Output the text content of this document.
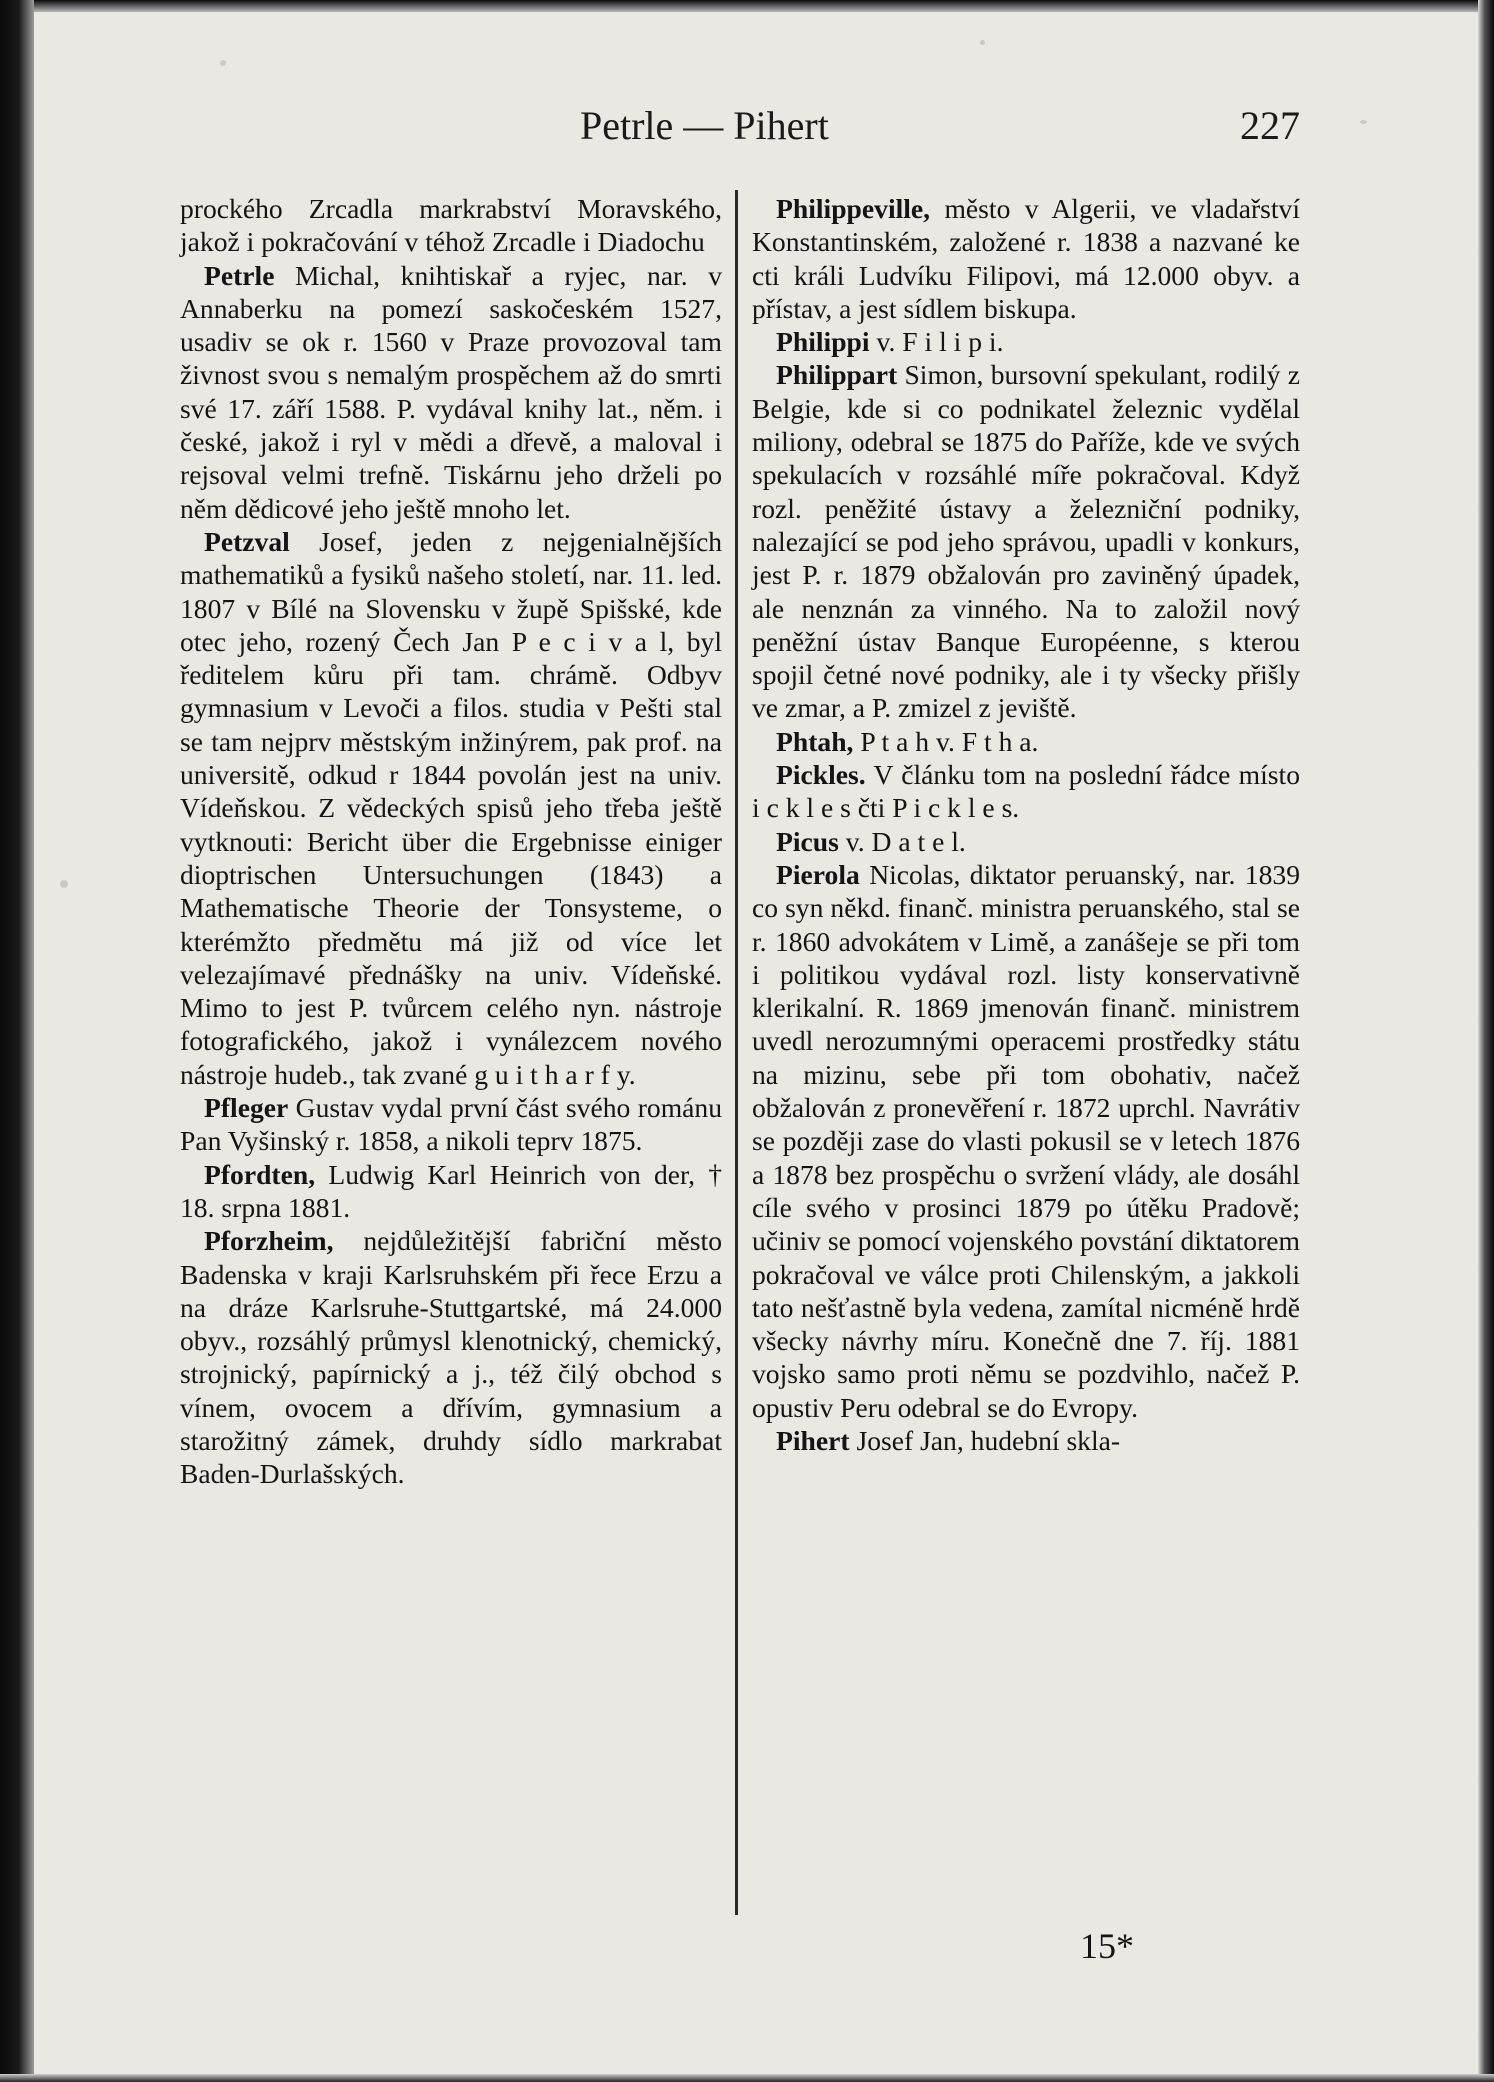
Petrle — Pihert	227

prockého Zrcadla markrabství Moravského, jakož i pokračování v téhož Zrcadle i Diadochu

Petrle Michal, knihtiskař a ryjec, nar. v Annaberku na pomezí saskočeském 1527, usadiv se ok r. 1560 v Praze provozoval tam živnost svou s nemalým prospěchem až do smrti své 17. září 1588. P. vydával knihy lat., něm. i české, jakož i ryl v mědi a dřevě, a maloval i rejsoval velmi trefně. Tiskárnu jeho drželi po něm dědicové jeho ještě mnoho let.

Petzval Josef, jeden z nejgenialnějších mathematiků a fysiků našeho století, nar. 11. led. 1807 v Bílé na Slovensku v župě Spišské, kde otec jeho, rozený Čech Jan P e c i v a l, byl ředitelem kůru při tam. chrámě. Odbyv gymnasium v Levoči a filos. studia v Pešti stal se tam nejprv městským inžinýrem, pak prof. na universitě, odkud r 1844 povolán jest na univ. Vídeňskou. Z vědeckých spisů jeho třeba ještě vytknouti: Bericht über die Ergebnisse einiger dioptrischen Untersuchungen (1843) a Mathematische Theorie der Tonsysteme, o kterémžto předmětu má již od více let velezajímavé přednášky na univ. Vídeňské. Mimo to jest P. tvůrcem celého nyn. nástroje fotografického, jakož i vynálezcem nového nástroje hudeb., tak zvané g u i t h a r f y.

Pfleger Gustav vydal první část svého románu Pan Vyšinský r. 1858, a nikoli teprv 1875.

Pfordten, Ludwig Karl Heinrich von der, † 18. srpna 1881.

Pforzheim, nejdůležitější fabriční město Badenska v kraji Karlsruhském při řece Erzu a na dráze Karlsruhe-Stuttgartské, má 24.000 obyv., rozsáhlý průmysl klenotnický, chemický, strojnický, papírnický a j., též čilý obchod s vínem, ovocem a dřívím, gymnasium a starožitný zámek, druhdy sídlo markrabat Baden-Durlašských.

Philippeville, město v Algerii, ve vladařství Konstantinském, založené r. 1838 a nazvané ke cti králi Ludvíku Filipovi, má 12.000 obyv. a přístav, a jest sídlem biskupa.

Philippi v. F i l i p i.

Philippart Simon, bursovní spekulant, rodilý z Belgie, kde si co podnikatel železnic vydělal miliony, odebral se 1875 do Paříže, kde ve svých spekulacích v rozsáhlé míře pokračoval. Když rozl. peněžité ústavy a železniční podniky, nalezající se pod jeho správou, upadli v konkurs, jest P. r. 1879 obžalován pro zaviněný úpadek, ale nenznán za vinného. Na to založil nový peněžní ústav Banque Européenne, s kterou spojil četné nové podniky, ale i ty všecky přišly ve zmar, a P. zmizel z jeviště.

Phtah, P t a h v. F t h a.

Pickles. V článku tom na poslední řádce místo i c k l e s čti P i c k l e s.

Picus v. D a t e l.

Pierola Nicolas, diktator peruanský, nar. 1839 co syn někd. finanč. ministra peruanského, stal se r. 1860 advokátem v Limě, a zanášeje se při tom i politikou vydával rozl. listy konservativně klerikalní. R. 1869 jmenován finanč. ministrem uvedl nerozumnými operacemi prostředky státu na mizinu, sebe při tom obohativ, načež obžalován z pronevěření r. 1872 uprchl. Navrátiv se později zase do vlasti pokusil se v letech 1876 a 1878 bez prospěchu o svržení vlády, ale dosáhl cíle svého v prosinci 1879 po útěku Pradově; učiniv se pomocí vojenského povstání diktatorem pokračoval ve válce proti Chilenským, a jakkoli tato nešťastně byla vedena, zamítal nicméně hrdě všecky návrhy míru. Konečně dne 7. říj. 1881 vojsko samo proti němu se pozdvihlo, načež P. opustiv Peru odebral se do Evropy.

Pihert Josef Jan, hudební skla-

15*
